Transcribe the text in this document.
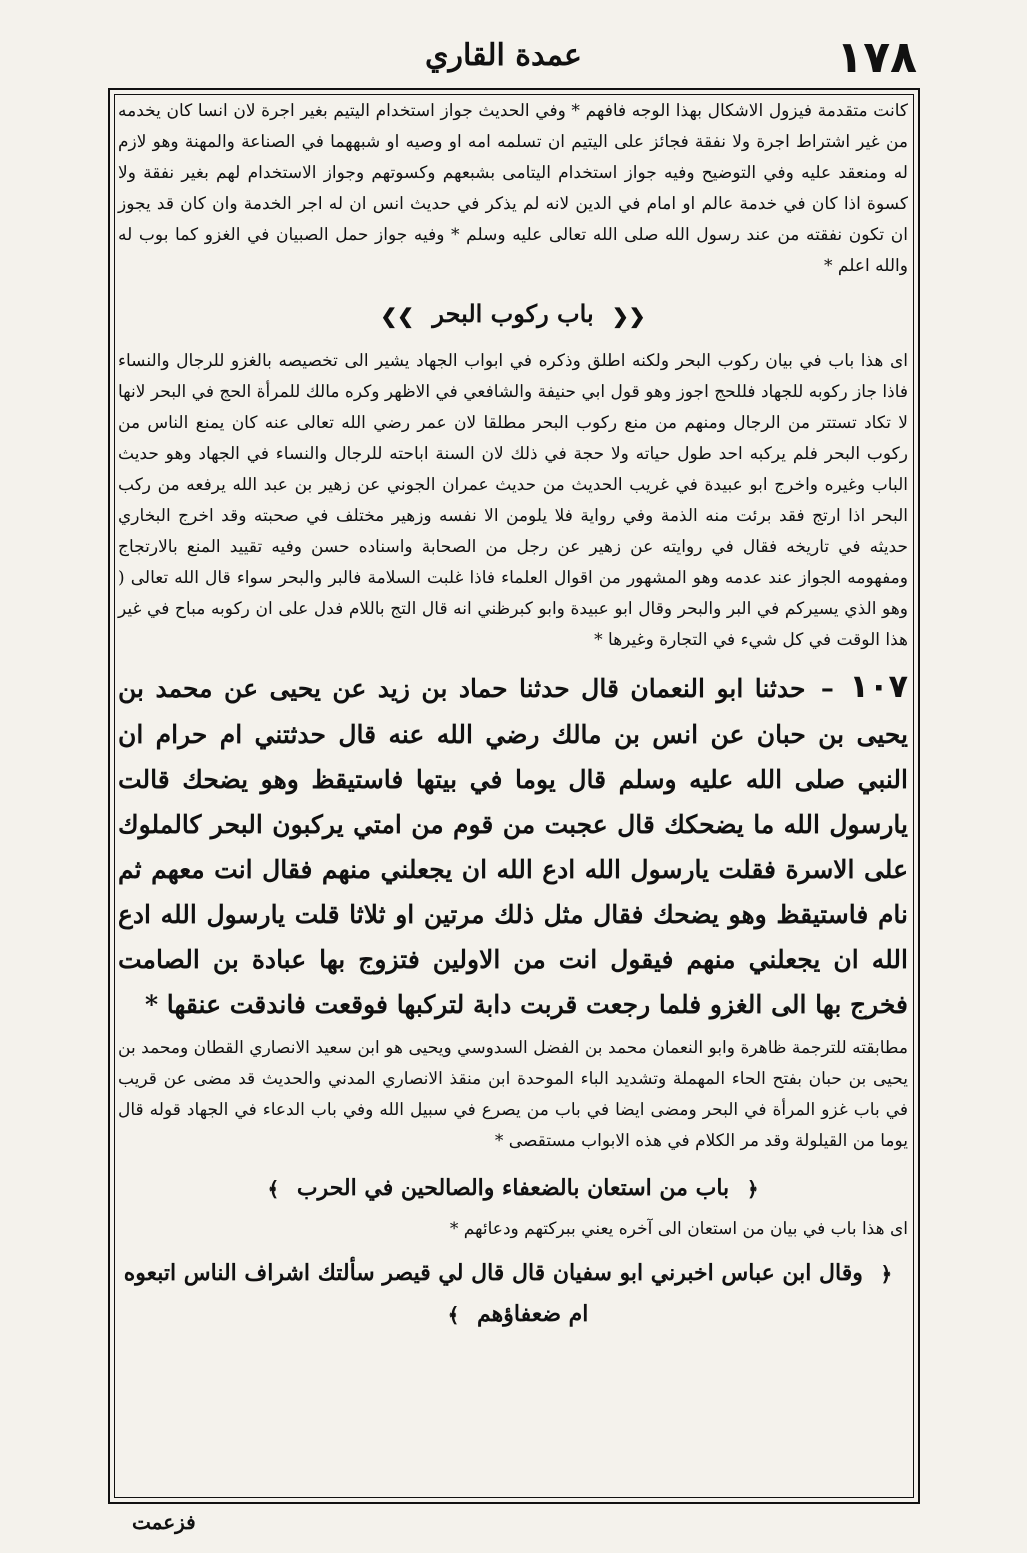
۱۷۸
عمدة القاري

كانت متقدمة فيزول الاشكال بهذا الوجه فافهم * وفي الحديث جواز استخدام اليتيم بغير اجرة لان انسا كان يخدمه من غير اشتراط اجرة ولا نفقة فجائز على اليتيم ان تسلمه امه او وصيه او شبههما في الصناعة والمهنة وهو لازم له ومنعقد عليه وفي التوضيح وفيه جواز استخدام اليتامى بشبعهم وكسوتهم وجواز الاستخدام لهم بغير نفقة ولا كسوة اذا كان في خدمة عالم او امام في الدين لانه لم يذكر في حديث انس ان له اجر الخدمة وان كان قد يجوز ان تكون نفقته من عند رسول الله صلى الله تعالى عليه وسلم * وفيه جواز حمل الصبيان في الغزو كما بوب له والله اعلم *

❮❮ باب ركوب البحر ❯❯

اى هذا باب في بيان ركوب البحر ولكنه اطلق وذكره في ابواب الجهاد يشير الى تخصيصه بالغزو للرجال والنساء فاذا جاز ركوبه للجهاد فللحج اجوز وهو قول ابي حنيفة والشافعي في الاظهر وكره مالك للمرأة الحج في البحر لانها لا تكاد تستتر من الرجال ومنهم من منع ركوب البحر مطلقا لان عمر رضي الله تعالى عنه كان يمنع الناس من ركوب البحر فلم يركبه احد طول حياته ولا حجة في ذلك لان السنة اباحته للرجال والنساء في الجهاد وهو حديث الباب وغيره واخرج ابو عبيدة في غريب الحديث من حديث عمران الجوني عن زهير بن عبد الله يرفعه من ركب البحر اذا ارتج فقد برئت منه الذمة وفي رواية فلا يلومن الا نفسه وزهير مختلف في صحبته وقد اخرج البخاري حديثه في تاريخه فقال في روايته عن زهير عن رجل من الصحابة واسناده حسن وفيه تقييد المنع بالارتجاج ومفهومه الجواز عند عدمه وهو المشهور من اقوال العلماء فاذا غلبت السلامة فالبر والبحر سواء قال الله تعالى ( وهو الذي يسيركم في البر والبحر وقال ابو عبيدة وابو كبرظني انه قال التج باللام فدل على ان ركوبه مباح في غير هذا الوقت في كل شيء في التجارة وغيرها *

١٠٧ – حدثنا ابو النعمان قال حدثنا حماد بن زيد عن يحيى عن محمد بن يحيى بن حبان عن انس بن مالك رضي الله عنه قال حدثتني ام حرام ان النبي صلى الله عليه وسلم قال يوما في بيتها فاستيقظ وهو يضحك قالت يارسول الله ما يضحكك قال عجبت من قوم من امتي يركبون البحر كالملوك على الاسرة فقلت يارسول الله ادع الله ان يجعلني منهم فقال انت معهم ثم نام فاستيقظ وهو يضحك فقال مثل ذلك مرتين او ثلاثا قلت يارسول الله ادع الله ان يجعلني منهم فيقول انت من الاولين فتزوج بها عبادة بن الصامت فخرج بها الى الغزو فلما رجعت قربت دابة لتركبها فوقعت فاندقت عنقها *

مطابقته للترجمة ظاهرة وابو النعمان محمد بن الفضل السدوسي ويحيى هو ابن سعيد الانصاري القطان ومحمد بن يحيى بن حبان بفتح الحاء المهملة وتشديد الباء الموحدة ابن منقذ الانصاري المدني والحديث قد مضى عن قريب في باب غزو المرأة في البحر ومضى ايضا في باب من يصرع في سبيل الله وفي باب الدعاء في الجهاد قوله قال يوما من القيلولة وقد مر الكلام في هذه الابواب مستقصى *

﴿ باب من استعان بالضعفاء والصالحين في الحرب ﴾

اى هذا باب في بيان من استعان الى آخره يعني ببركتهم ودعائهم *

﴿ وقال ابن عباس اخبرني ابو سفيان قال قال لي قيصر سألتك اشراف الناس اتبعوه ام ضعفاؤهم ﴾

فزعمت
